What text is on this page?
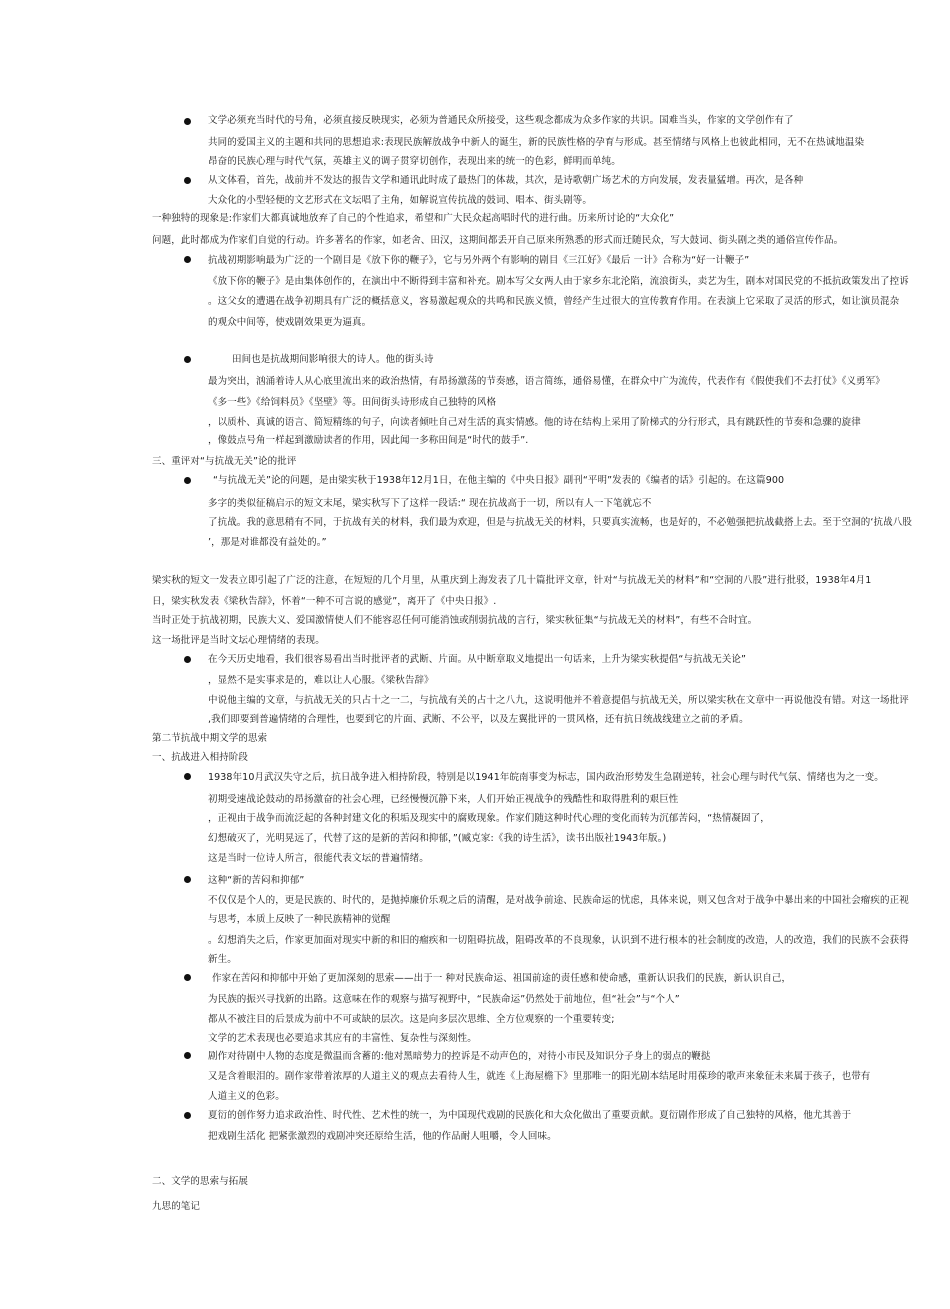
文学必须充当时代的号角，必须直接反映现实，必须为普通民众所接受，这些观念都成为众多作家的共识。国难当头，作家的文学创作有了
共同的爱国主义的主题和共同的思想追求:表现民族解放战争中新人的诞生，新的民族性格的孕育与形成。甚至情绪与风格上也彼此相同，无不在热诚地温染
昂奋的民族心理与时代气氛，英雄主义的调子贯穿切创作，表现出来的统一的色彩，鲜明而单纯。
从文体看，首先，战前并不发达的报告文学和通讯此时成了最热门的体裁，其次，是诗歌朝广场艺术的方向发展，发表量猛增。再次，是各种
大众化的小型轻便的文艺形式在文坛唱了主角，如解说宣传抗战的鼓词、唱本、街头剧等。
一种独特的现象是:作家们大都真诚地放弃了自己的个性追求，希望和广大民众起高唱时代的进行曲。历来所讨论的“大众化”
问题，此时都成为作家们自觉的行动。许多著名的作家，如老舍、田汉，这期间都丢开自己原来所熟悉的形式而迁随民众，写大鼓词、街头剧之类的通俗宣传作品。
抗战初期影响最为广泛的一个剧目是《放下你的鞭子》，它与另外两个有影响的剧目《三江好》《最后 一计》合称为“好一计鞭子”
《放下你的鞭子》是由集体创作的，在演出中不断得到丰富和补充。剧本写父女两人由于家乡东北沦陷，流浪街头，卖艺为生，剧本对国民党的不抵抗政策发出了控诉
。这父女的遭遇在战争初期具有广泛的概括意义，容易激起观众的共鸣和民族义愤，曾经产生过很大的宣传教育作用。在表演上它采取了灵活的形式，如让演员混杂
的观众中间等，使戏剧效果更为逼真。
田间也是抗战期间影响很大的诗人。他的街头诗
最为突出，汹涌着诗人从心底里流出来的政治热情，有昂扬激荡的节奏感，语言简练，通俗易懂，在群众中广为流传，代表作有《假使我们不去打仗》《义勇军》
《多一些》《给饲料员》《坚壁》等。田间街头诗形成自己独特的风格
，以质朴、真诚的语言、简短精练的句子，向读者倾吐自己对生活的真实情感。他的诗在结构上采用了阶梯式的分行形式，具有跳跃性的节奏和急骤的旋律
，像鼓点号角一样起到激励读者的作用，因此闻一多称田间是“时代的鼓手”.
三、重评对“与抗战无关”论的批评
“与抗战无关”论的问题，是由梁实秋于1938年12月1日，在他主编的《中央日报》副刊“平明”发表的《编者的话》引起的。在这篇900
多字的类似征稿启示的短文末尾，梁实秋写下了这样一段话:“ 现在抗战高于一切，所以有人一下笔就忘不
了抗战。我的意思稍有不同，于抗战有关的材料，我们最为欢迎，但是与抗战无关的材料，只要真实流畅，也是好的，不必勉强把抗战截搭上去。至于空洞的‘抗战八股
’，那是对谁都没有益处的。”
梁实秋的短文一发表立即引起了广泛的注意，在短短的几个月里，从重庆到上海发表了几十篇批评文章，针对“与抗战无关的材料”和“空洞的八股”进行批驳，1938年4月1
日，梁实秋发表《梁秋告辞》，怀着“一种不可言说的感觉”，离开了《中央日报》.
当时正处于抗战初期，民族大义、爱国激情使人们不能容忍任何可能消蚀或削弱抗战的言行，梁实秋征集“与抗战无关的材料”，有些不合时宜。
这一场批评是当时文坛心理情绪的表现。
在今天历史地看，我们很容易看出当时批评者的武断、片面。从中断章取义地提出一句话来，上升为梁实秋提倡“与抗战无关论”
，显然不是实事求是的，难以让人心服。《梁秋告辞》
中说他主编的文章，与抗战无关的只占十之一二，与抗战有关的占十之八九，这说明他并不着意提倡与抗战无关，所以梁实秋在文章中一再说他没有错。对这一场批评
,我们即要到普遍情绪的合理性，也要到它的片面、武断、不公平，以及左翼批评的一贯风格，还有抗日统战线建立之前的矛盾。
第二节抗战中期文学的思索
一、抗战进入相持阶段
1938年10月武汉失守之后，抗日战争进入相持阶段，特别是以1941年皖南事变为标志，国内政治形势发生急剧逆转，社会心理与时代气氛、情绪也为之一变。
初期受速战论鼓动的昂扬激奋的社会心理，已经慢慢沉静下来，人们开始正视战争的残酷性和取得胜利的艰巨性
，正视由于战争而流泛起的各种封建文化的积垢及现实中的腐败现象。作家们随这种时代心理的变化而转为沉郁苦闷，“热情凝固了，
幻想破灭了，光明晃远了，代替了这的是新的苦闷和抑郁，”(臧克家:《我的诗生活》，读书出版社1943年版。)
这是当时一位诗人所言，很能代表文坛的普遍情绪。
这种“新的苦闷和抑郁”
不仅仅是个人的，更是民族的、时代的，是抛掉廉价乐观之后的清醒，是对战争前途、民族命运的忧虑，具体来说，则又包含对于战争中暴出来的中国社会瘤疾的正视
与思考，本质上反映了一种民族精神的觉醒
。幻想消失之后，作家更加面对现实中新的和旧的瘤疾和一切阻碍抗战，阻碍改革的不良现象，认识到不进行根本的社会制度的改造，人的改造，我们的民族不会获得
新生。
作家在苦闷和抑郁中开始了更加深刻的思索——出于一 种对民族命运、祖国前途的责任感和使命感，重新认识我们的民族，新认识自己，
为民族的振兴寻找新的出路。这意味在作的观察与描写视野中，“民族命运”仍然处于前地位，但“社会”与“个人”
都从不被注目的后景成为前中不可或缺的层次。这是向多层次思维、全方位观察的一个重要转变;
文学的艺术表现也必要追求其应有的丰富性、复杂性与深刻性。
剧作对待剧中人物的态度是微温而含蓄的:他对黑暗势力的控诉是不动声色的，对待小市民及知识分子身上的弱点的鞭挞
又是含着眼泪的。剧作家带着浓厚的人道主义的观点去看待人生，就连《上海屋檐下》里那唯一的阳光剧本结尾时用葆珍的歌声来象征未来属于孩子，也带有
人道主义的色彩。
夏衍的创作努力追求政治性、时代性、艺术性的统一，为中国现代戏剧的民族化和大众化做出了重要贡献。夏衍剧作形成了自己独特的风格，他尤其善于
把戏剧生活化 把紧张激烈的戏剧冲突还原给生活，他的作品耐人咀嚼，令人回味。
二、文学的思索与拓展
九思的笔记
